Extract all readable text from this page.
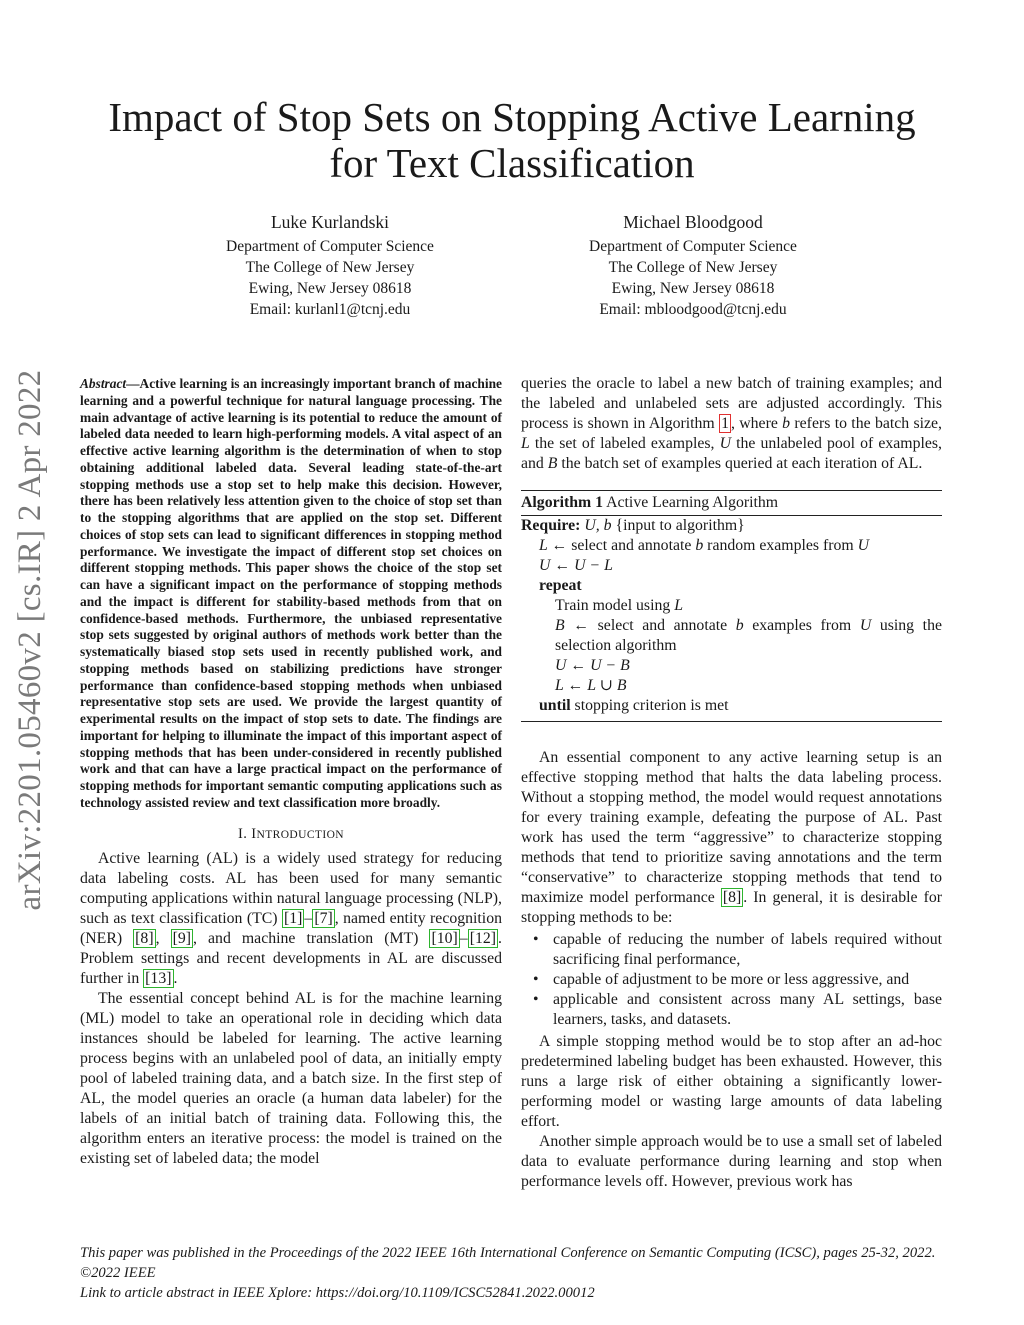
arXiv:2201.05460v2 [cs.IR] 2 Apr 2022
Impact of Stop Sets on Stopping Active Learning
for Text Classification
Luke Kurlandski
Department of Computer Science
The College of New Jersey
Ewing, New Jersey 08618
Email: kurlanl1@tcnj.edu
Michael Bloodgood
Department of Computer Science
The College of New Jersey
Ewing, New Jersey 08618
Email: mbloodgood@tcnj.edu

Abstract—Active learning is an increasingly important branch of machine learning and a powerful technique for natural language processing. The main advantage of active learning is its potential to reduce the amount of labeled data needed to learn high-performing models. A vital aspect of an effective active learning algorithm is the determination of when to stop obtaining additional labeled data. Several leading state-of-the-art stopping methods use a stop set to help make this decision. However, there has been relatively less attention given to the choice of stop set than to the stopping algorithms that are applied on the stop set. Different choices of stop sets can lead to significant differences in stopping method performance. We investigate the impact of different stop set choices on different stopping methods. This paper shows the choice of the stop set can have a significant impact on the performance of stopping methods and the impact is different for stability-based methods from that on confidence-based methods. Furthermore, the unbiased representative stop sets suggested by original authors of methods work better than the systematically biased stop sets used in recently published work, and stopping methods based on stabilizing predictions have stronger performance than confidence-based stopping methods when unbiased representative stop sets are used. We provide the largest quantity of experimental results on the impact of stop sets to date. The findings are important for helping to illuminate the impact of this important aspect of stopping methods that has been under-considered in recently published work and that can have a large practical impact on the performance of stopping methods for important semantic computing applications such as technology assisted review and text classification more broadly.

I. INTRODUCTION

Active learning (AL) is a widely used strategy for reducing data labeling costs. AL has been used for many semantic computing applications within natural language processing (NLP), such as text classification (TC) [1] – [7] , named entity recognition (NER) [8] , [9] , and machine translation (MT) [10] – [12] . Problem settings and recent developments in AL are discussed further in [13] .

The essential concept behind AL is for the machine learning (ML) model to take an operational role in deciding which data instances should be labeled for learning. The active learning process begins with an unlabeled pool of data, an initially empty pool of labeled training data, and a batch size. In the first step of AL, the model queries an oracle (a human data labeler) for the labels of an initial batch of training data. Following this, the algorithm enters an iterative process: the model is trained on the existing set of labeled data; the model

queries the oracle to label a new batch of training examples; and the labeled and unlabeled sets are adjusted accordingly. This process is shown in Algorithm 1 , where b refers to the batch size, L the set of labeled examples, U the unlabeled pool of examples, and B the batch set of examples queried at each iteration of AL.

Algorithm 1 Active Learning Algorithm
Require: U, b {input to algorithm}
L ← select and annotate b random examples from U
U ← U − L
repeat
Train model using L
B ← select and annotate b examples from U using the selection algorithm
U ← U − B
L ← L ∪ B
until stopping criterion is met

An essential component to any active learning setup is an effective stopping method that halts the data labeling process. Without a stopping method, the model would request annotations for every training example, defeating the purpose of AL. Past work has used the term “aggressive” to characterize stopping methods that tend to prioritize saving annotations and the term “conservative” to characterize stopping methods that tend to maximize model performance [8] . In general, it is desirable for stopping methods to be:

• capable of reducing the number of labels required without sacrificing final performance,
• capable of adjustment to be more or less aggressive, and
• applicable and consistent across many AL settings, base learners, tasks, and datasets.

A simple stopping method would be to stop after an ad-hoc predetermined labeling budget has been exhausted. However, this runs a large risk of either obtaining a significantly lower-performing model or wasting large amounts of data labeling effort.

Another simple approach would be to use a small set of labeled data to evaluate performance during learning and stop when performance levels off. However, previous work has

This paper was published in the Proceedings of the 2022 IEEE 16th International Conference on Semantic Computing (ICSC), pages 25-32, 2022. ©2022 IEEE
Link to article abstract in IEEE Xplore: https://doi.org/10.1109/ICSC52841.2022.00012
